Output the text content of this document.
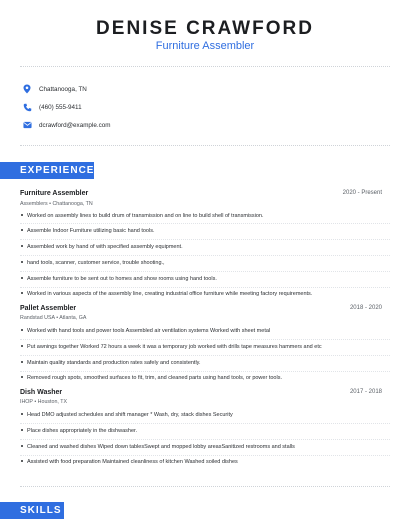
DENISE CRAWFORD
Furniture Assembler
Chattanooga, TN
(460) 555-9411
dcrawford@example.com
EXPERIENCE
Furniture Assembler	2020 - Present
Assemblers • Chattanooga, TN
Worked on assembly lines to build drum of transmission and on line to build shell of transmission.
Assemble Indoor Furniture utilizing basic hand tools.
Assembled work by hand of with specified assembly equipment.
hand tools, scanner, customer service, trouble shooting.,
Assemble furniture to be sent out to homes and show rooms using hand tools.
Worked in various aspects of the assembly line, creating industrial office furniture while meeting factory requirements.
Pallet Assembler	2018 - 2020
Randstad USA • Atlanta, GA
Worked with hand tools and power tools Assembled air ventilation systems Worked with sheet metal
Put awnings together Worked 72 hours a week it was a temporary job worked with drills tape measures hammers and etc
Maintain quality standards and production rates safely and consistently.
Removed rough spots, smoothed surfaces to fit, trim, and cleaned parts using hand tools, or power tools.
Dish Washer	2017 - 2018
IHOP • Houston, TX
Head DMO adjusted schedules and shift manager * Wash, dry, stack dishes Security
Place dishes appropriately in the dishwasher.
Cleaned and washed dishes Wiped down tablesSwept and mopped lobby areasSanitized restrooms and stalls
Assisted with food preparation Maintained cleanliness of kitchen Washed soiled dishes
SKILLS
